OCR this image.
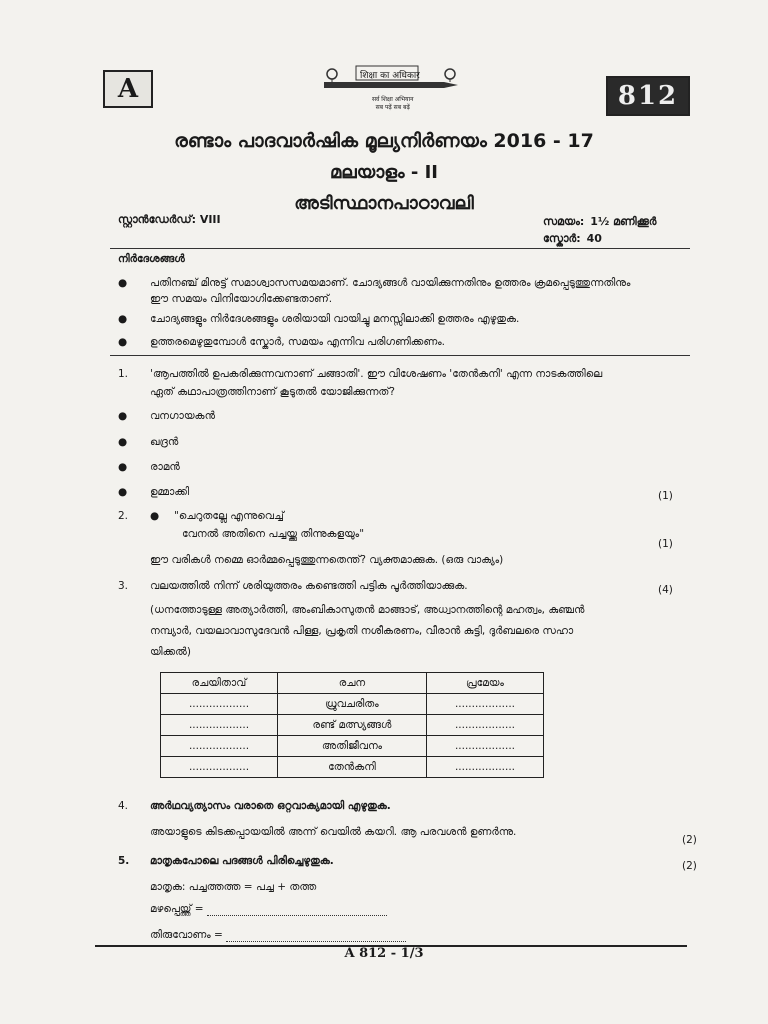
A	शिक्षा का अधिकार
सर्व शिक्षा अभियान
सब पढ़ें सब बढ़ें	812
രണ്ടാം പാദവാർഷിക മൂല്യനിർണയം 2016 - 17
മലയാളം - II
അടിസ്ഥാനപാഠാവലി
സ്റ്റാൻഡേർഡ്: VIII	സമയം: 1½ മണിക്കൂർ
സ്കോർ: 40
നിർദേശങ്ങൾ
● പതിനഞ്ച് മിനുട്ട് സമാശ്വാസസമയമാണ്. ചോദ്യങ്ങൾ വായിക്കുന്നതിനും ഉത്തരം ക്രമപ്പെടുത്തുന്നതിനും
ഈ സമയം വിനിയോഗിക്കേണ്ടതാണ്.
● ചോദ്യങ്ങളും നിർദേശങ്ങളും ശരിയായി വായിച്ചു മനസ്സിലാക്കി ഉത്തരം എഴുതുക.
● ഉത്തരമെഴുതുമ്പോൾ സ്കോർ, സമയം എന്നിവ പരിഗണിക്കണം.
1. 'ആപത്തിൽ ഉപകരിക്കുന്നവനാണ് ചങ്ങാതി'. ഈ വിശേഷണം 'തേൻകനി' എന്ന നാടകത്തിലെ
ഏത് കഥാപാത്രത്തിനാണ് കൂടുതൽ യോജിക്കുന്നത്?
● വനഗായകൻ
● ഖദ്രൻ
● രാമൻ
● ഉമ്മാക്കി	(1)
2. ● "ചെറുതല്ലേ എന്നുവെച്ച്
വേനൽ അതിനെ പച്ചയ്ക്കു തിന്നുകളയും"
ഈ വരികൾ നമ്മെ ഓർമ്മപ്പെടുത്തുന്നതെന്ത്? വ്യക്തമാക്കുക. (ഒരു വാക്യം)
(1)
3. വലയത്തിൽ നിന്ന് ശരിയുത്തരം കണ്ടെത്തി പട്ടിക പൂർത്തിയാക്കുക.
(ധനത്തോടുള്ള അത്യാർത്തി, അംബികാസുതൻ മാങ്ങാട്, അധ്വാനത്തിന്റെ മഹത്വം, കുഞ്ചൻ
നമ്പ്യാർ, വയലാവാസുദേവൻ പിള്ള, പ്രകൃതി നശീകരണം, വീരാൻ കുട്ടി, ദുർബലരെ സഹാ
യിക്കൽ)
(4)
രചയിതാവ്	രചന	പ്രമേയം
..................	ധ്രുവചരിതം	..................
..................	രണ്ട് മത്സ്യങ്ങൾ	..................
..................	അതിജീവനം	..................
..................	തേൻകനി	..................
4. അർഥവ്യത്യാസം വരാതെ ഒറ്റവാക്യമായി എഴുതുക.
അയാളുടെ കിടക്കപ്പായയിൽ അന്ന് വെയിൽ കയറി. ആ പരവശൻ ഉണർന്നു.
(2)
5. മാതൃകപോലെ പദങ്ങൾ പിരിച്ചെഴുതുക.
മാതൃക: പച്ചത്തത്ത = പച്ച + തത്ത
മഴപ്പെയ്ത്ത് =
തിരുവോണം =
(2)
A 812 - 1/3
